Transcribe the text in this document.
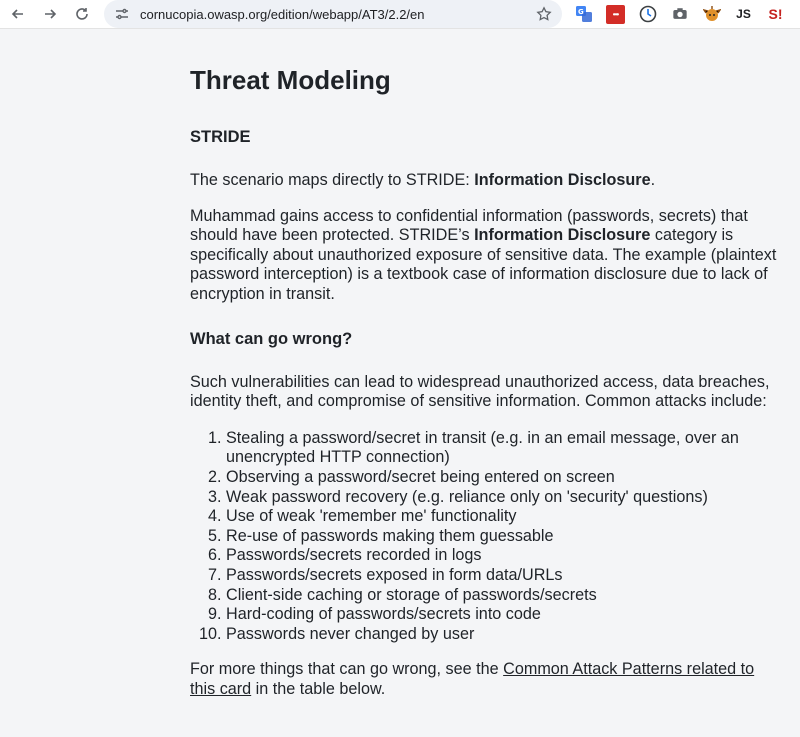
cornucopia.owasp.org/edition/webapp/AT3/2.2/en	G	•••	JS S!
Threat Modeling
STRIDE

The scenario maps directly to STRIDE: Information Disclosure.

Muhammad gains access to confidential information (passwords, secrets) that should have been protected. STRIDE’s Information Disclosure category is specifically about unauthorized exposure of sensitive data. The example (plaintext password interception) is a textbook case of information disclosure due to lack of encryption in transit.

What can go wrong?

Such vulnerabilities can lead to widespread unauthorized access, data breaches, identity theft, and compromise of sensitive information. Common attacks include:

1. Stealing a password/secret in transit (e.g. in an email message, over an unencrypted HTTP connection)
2. Observing a password/secret being entered on screen
3. Weak password recovery (e.g. reliance only on 'security' questions)
4. Use of weak 'remember me' functionality
5. Re-use of passwords making them guessable
6. Passwords/secrets recorded in logs
7. Passwords/secrets exposed in form data/URLs
8. Client-side caching or storage of passwords/secrets
9. Hard-coding of passwords/secrets into code
10. Passwords never changed by user

For more things that can go wrong, see the Common Attack Patterns related to this card in the table below.
